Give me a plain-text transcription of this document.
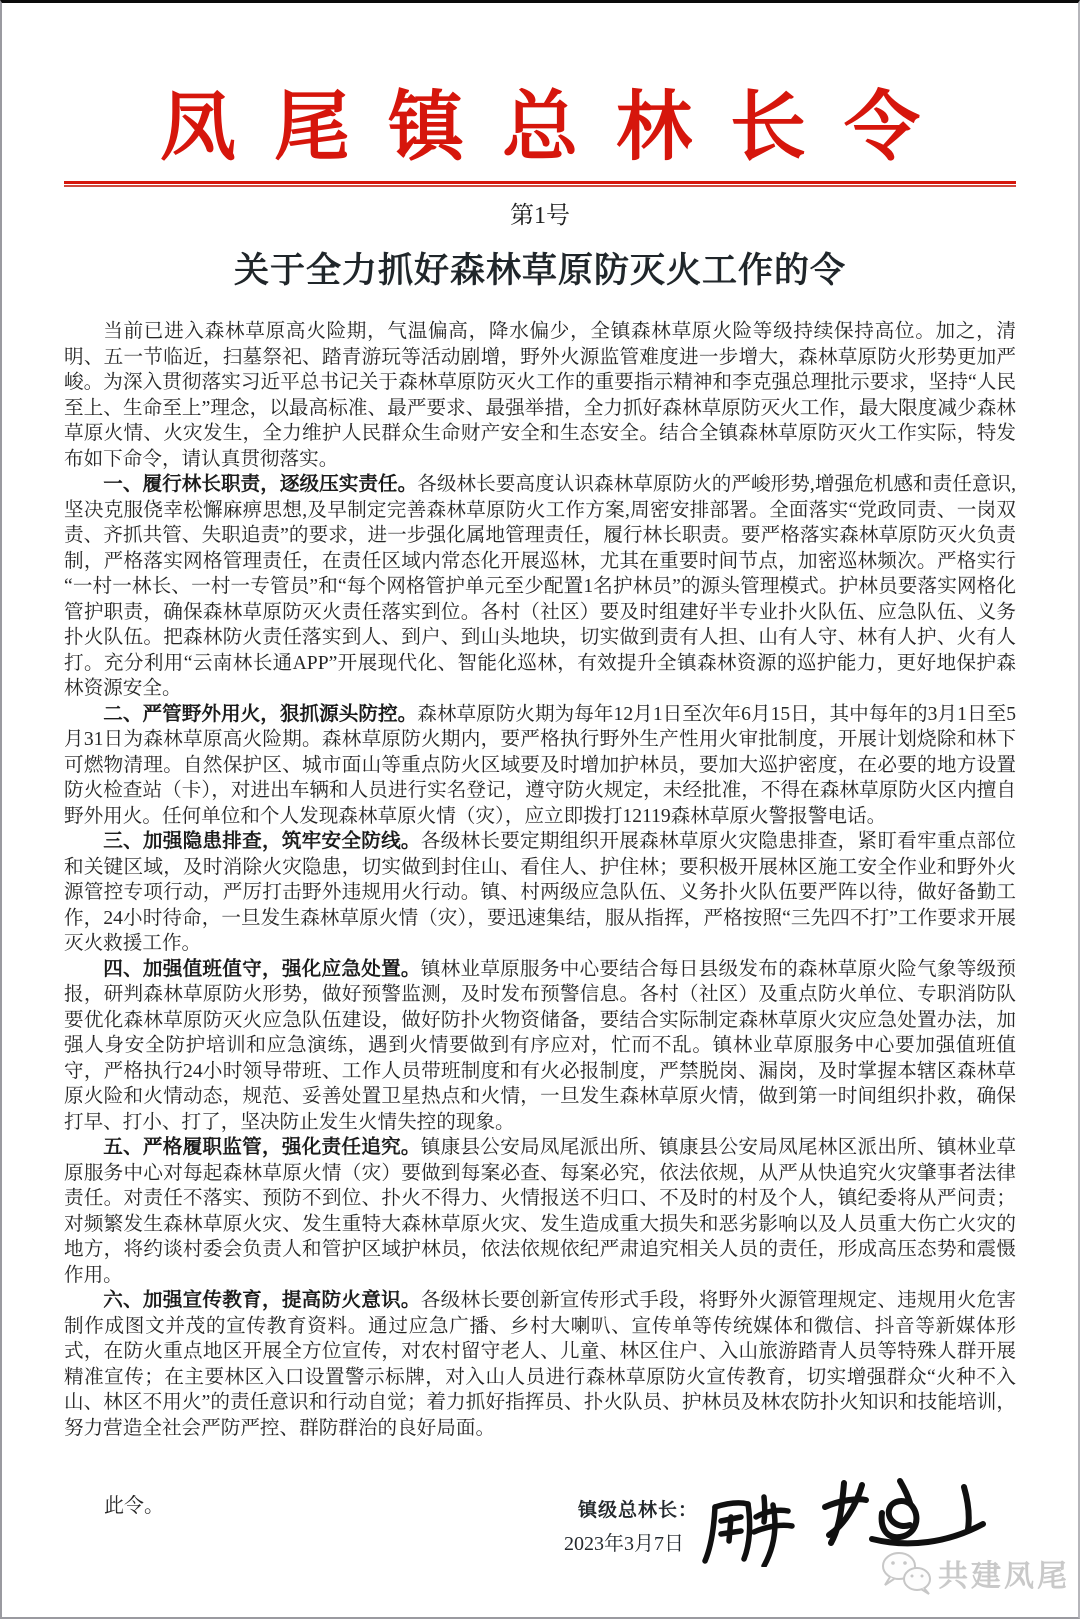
凤尾镇总林长令
第1号
关于全力抓好森林草原防灭火工作的令

当前已进入森林草原高火险期，气温偏高，降水偏少，全镇森林草原火险等级持续保持高位。加之，清明、五一节临近，扫墓祭祀、踏青游玩等活动剧增，野外火源监管难度进一步增大，森林草原防火形势更加严峻。为深入贯彻落实习近平总书记关于森林草原防灭火工作的重要指示精神和李克强总理批示要求，坚持“人民至上、生命至上”理念，以最高标准、最严要求、最强举措，全力抓好森林草原防灭火工作，最大限度减少森林草原火情、火灾发生，全力维护人民群众生命财产安全和生态安全。结合全镇森林草原防灭火工作实际，特发布如下命令，请认真贯彻落实。

一、履行林长职责，逐级压实责任。各级林长要高度认识森林草原防火的严峻形势,增强危机感和责任意识,坚决克服侥幸松懈麻痹思想,及早制定完善森林草原防火工作方案,周密安排部署。全面落实“党政同责、一岗双责、齐抓共管、失职追责”的要求，进一步强化属地管理责任，履行林长职责。要严格落实森林草原防灭火负责制，严格落实网格管理责任，在责任区域内常态化开展巡林，尤其在重要时间节点，加密巡林频次。严格实行“一村一林长、一村一专管员”和“每个网格管护单元至少配置1名护林员”的源头管理模式。护林员要落实网格化管护职责，确保森林草原防灭火责任落实到位。各村（社区）要及时组建好半专业扑火队伍、应急队伍、义务扑火队伍。把森林防火责任落实到人、到户、到山头地块，切实做到责有人担、山有人守、林有人护、火有人打。充分利用“云南林长通APP”开展现代化、智能化巡林，有效提升全镇森林资源的巡护能力，更好地保护森林资源安全。

二、严管野外用火，狠抓源头防控。森林草原防火期为每年12月1日至次年6月15日，其中每年的3月1日至5月31日为森林草原高火险期。森林草原防火期内，要严格执行野外生产性用火审批制度，开展计划烧除和林下可燃物清理。自然保护区、城市面山等重点防火区域要及时增加护林员，要加大巡护密度，在必要的地方设置防火检查站（卡），对进出车辆和人员进行实名登记，遵守防火规定，未经批准，不得在森林草原防火区内擅自野外用火。任何单位和个人发现森林草原火情（灾），应立即拨打12119森林草原火警报警电话。

三、加强隐患排查，筑牢安全防线。各级林长要定期组织开展森林草原火灾隐患排查，紧盯看牢重点部位和关键区域，及时消除火灾隐患，切实做到封住山、看住人、护住林；要积极开展林区施工安全作业和野外火源管控专项行动，严厉打击野外违规用火行动。镇、村两级应急队伍、义务扑火队伍要严阵以待，做好备勤工作，24小时待命，一旦发生森林草原火情（灾），要迅速集结，服从指挥，严格按照“三先四不打”工作要求开展灭火救援工作。

四、加强值班值守，强化应急处置。镇林业草原服务中心要结合每日县级发布的森林草原火险气象等级预报，研判森林草原防火形势，做好预警监测，及时发布预警信息。各村（社区）及重点防火单位、专职消防队要优化森林草原防灭火应急队伍建设，做好防扑火物资储备，要结合实际制定森林草原火灾应急处置办法，加强人身安全防护培训和应急演练，遇到火情要做到有序应对，忙而不乱。镇林业草原服务中心要加强值班值守，严格执行24小时领导带班、工作人员带班制度和有火必报制度，严禁脱岗、漏岗，及时掌握本辖区森林草原火险和火情动态，规范、妥善处置卫星热点和火情，一旦发生森林草原火情，做到第一时间组织扑救，确保打早、打小、打了，坚决防止发生火情失控的现象。

五、严格履职监管，强化责任追究。镇康县公安局凤尾派出所、镇康县公安局凤尾林区派出所、镇林业草原服务中心对每起森林草原火情（灾）要做到每案必查、每案必究，依法依规，从严从快追究火灾肇事者法律责任。对责任不落实、预防不到位、扑火不得力、火情报送不归口、不及时的村及个人，镇纪委将从严问责；对频繁发生森林草原火灾、发生重特大森林草原火灾、发生造成重大损失和恶劣影响以及人员重大伤亡火灾的地方，将约谈村委会负责人和管护区域护林员，依法依规依纪严肃追究相关人员的责任，形成高压态势和震慑作用。

六、加强宣传教育，提高防火意识。各级林长要创新宣传形式手段，将野外火源管理规定、违规用火危害制作成图文并茂的宣传教育资料。通过应急广播、乡村大喇叭、宣传单等传统媒体和微信、抖音等新媒体形式，在防火重点地区开展全方位宣传，对农村留守老人、儿童、林区住户、入山旅游踏青人员等特殊人群开展精准宣传；在主要林区入口设置警示标牌，对入山人员进行森林草原防火宣传教育，切实增强群众“火种不入山、林区不用火”的责任意识和行动自觉；着力抓好指挥员、扑火队员、护林员及林农防扑火知识和技能培训，努力营造全社会严防严控、群防群治的良好局面。

此令。	镇级总林长：
2023年3月7日
共建凤尾
